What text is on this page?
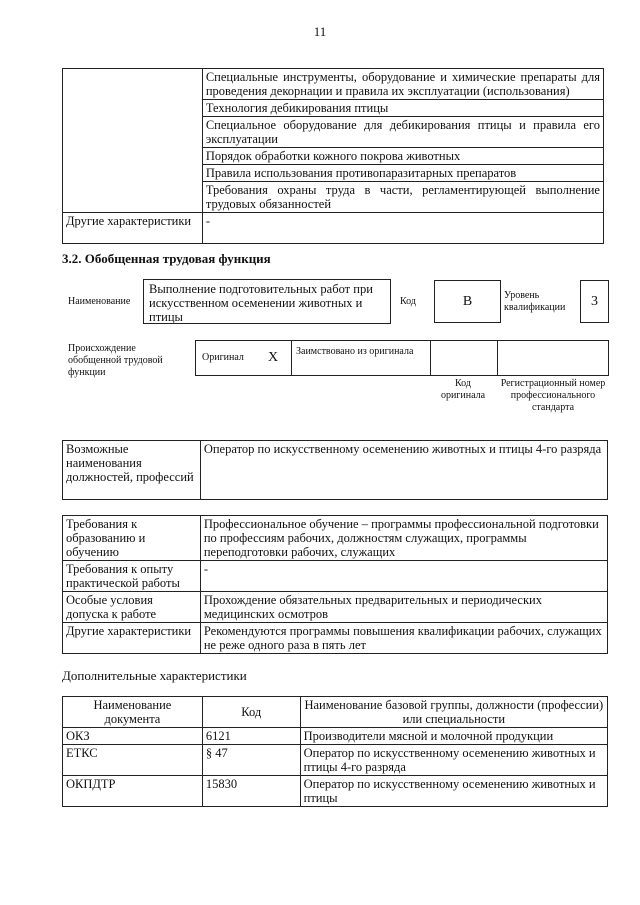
11
	Специальные инструменты, оборудование и химические препараты для проведения декорнации и правила их эксплуатации (использования)
	Технология дебикирования птицы
	Специальное оборудование для дебикирования птицы и правила его эксплуатации
	Порядок обработки кожного покрова животных
	Правила использования противопаразитарных препаратов
	Требования охраны труда в части, регламентирующей выполнение трудовых обязанностей
Другие характеристики	-
3.2. Обобщенная трудовая функция
Наименование
Выполнение подготовительных работ при искусственном осеменении животных и птицы
Код	B	Уровень квалификации	3
Происхождение обобщенной трудовой функции
Оригинал X Заимствовано из оригинала
Код оригинала
Регистрационный номер профессионального стандарта
Возможные наименования должностей, профессий	Оператор по искусственному осеменению животных и птицы 4-го разряда
Требования к образованию и обучению	Профессиональное обучение – программы профессиональной подготовки по профессиям рабочих, должностям служащих, программы переподготовки рабочих, служащих
Требования к опыту практической работы	-
Особые условия допуска к работе	Прохождение обязательных предварительных и периодических медицинских осмотров
Другие характеристики	Рекомендуются программы повышения квалификации рабочих, служащих не реже одного раза в пять лет
Дополнительные характеристики
Наименование документа	Код	Наименование базовой группы, должности (профессии) или специальности
ОКЗ	6121	Производители мясной и молочной продукции
ЕТКС	§ 47	Оператор по искусственному осеменению животных и птицы 4-го разряда
ОКПДТР	15830	Оператор по искусственному осеменению животных и птицы
